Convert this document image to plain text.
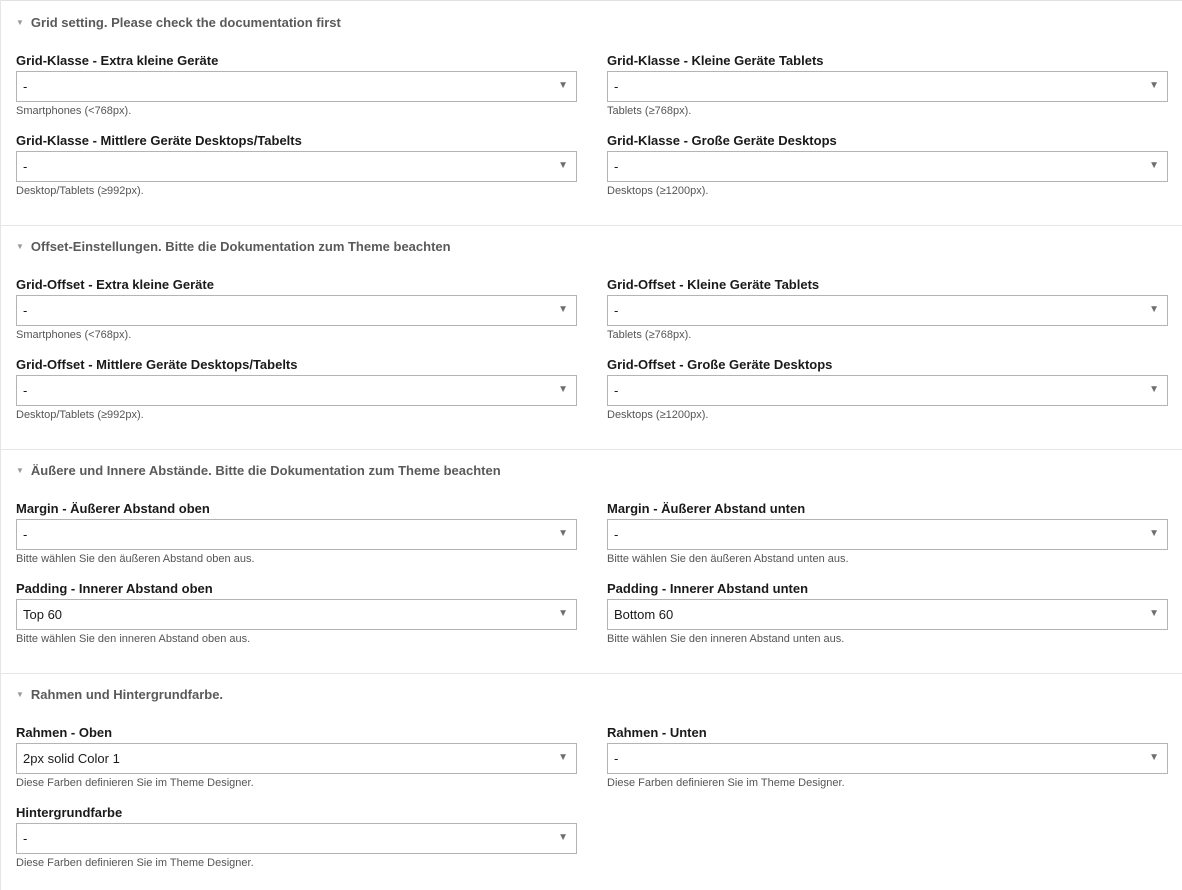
▼ Grid setting. Please check the documentation first
Grid-Klasse - Extra kleine Geräte
-	▼
Smartphones (<768px).
Grid-Klasse - Kleine Geräte Tablets
-	▼
Tablets (≥768px).
Grid-Klasse - Mittlere Geräte Desktops/Tabelts
-	▼
Desktop/Tablets (≥992px).
Grid-Klasse - Große Geräte Desktops
-	▼
Desktops (≥1200px).
▼ Offset-Einstellungen. Bitte die Dokumentation zum Theme beachten
Grid-Offset - Extra kleine Geräte
-	▼
Smartphones (<768px).
Grid-Offset - Kleine Geräte Tablets
-	▼
Tablets (≥768px).
Grid-Offset - Mittlere Geräte Desktops/Tabelts
-	▼
Desktop/Tablets (≥992px).
Grid-Offset - Große Geräte Desktops
-	▼
Desktops (≥1200px).
▼ Äußere und Innere Abstände. Bitte die Dokumentation zum Theme beachten
Margin - Äußerer Abstand oben
-	▼
Bitte wählen Sie den äußeren Abstand oben aus.
Margin - Äußerer Abstand unten
-	▼
Bitte wählen Sie den äußeren Abstand unten aus.
Padding - Innerer Abstand oben
Top 60	▼
Bitte wählen Sie den inneren Abstand oben aus.
Padding - Innerer Abstand unten
Bottom 60	▼
Bitte wählen Sie den inneren Abstand unten aus.
▼ Rahmen und Hintergrundfarbe.
Rahmen - Oben
2px solid Color 1	▼
Diese Farben definieren Sie im Theme Designer.
Rahmen - Unten
-	▼
Diese Farben definieren Sie im Theme Designer.
Hintergrundfarbe
-	▼
Diese Farben definieren Sie im Theme Designer.
